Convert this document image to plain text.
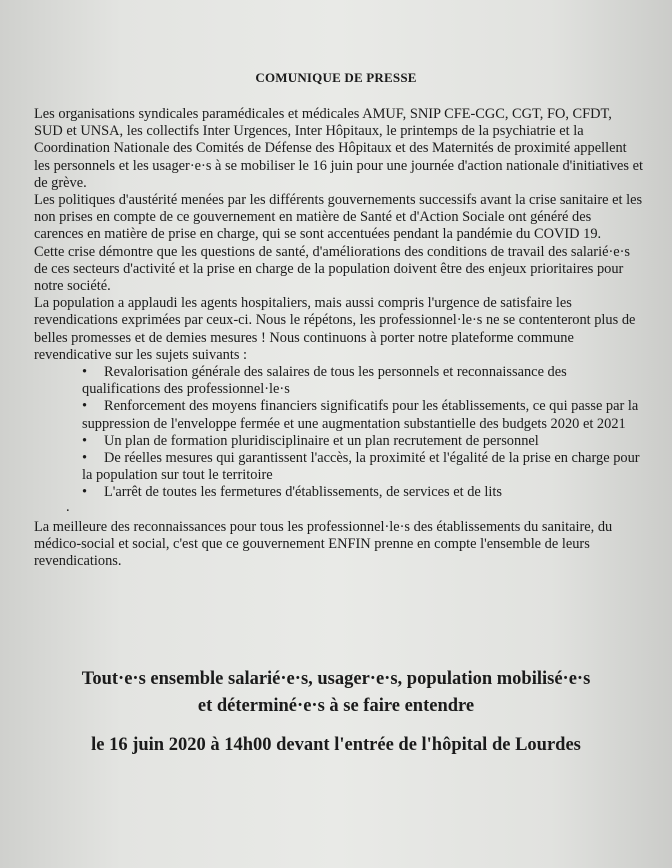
COMUNIQUE DE PRESSE

Les organisations syndicales paramédicales et médicales AMUF, SNIP CFE-CGC, CGT, FO, CFDT, SUD et UNSA, les collectifs Inter Urgences, Inter Hôpitaux, le printemps de la psychiatrie et la Coordination Nationale des Comités de Défense des Hôpitaux et des Maternités de proximité appellent les personnels et les usager·e·s à se mobiliser le 16 juin pour une journée d'action nationale d'initiatives et de grève.

Les politiques d'austérité menées par les différents gouvernements successifs avant la crise sanitaire et les non prises en compte de ce gouvernement en matière de Santé et d'Action Sociale ont généré des carences en matière de prise en charge, qui se sont accentuées pendant la pandémie du COVID 19.

Cette crise démontre que les questions de santé, d'améliorations des conditions de travail des salarié·e·s de ces secteurs d'activité et la prise en charge de la population doivent être des enjeux prioritaires pour notre société.

La population a applaudi les agents hospitaliers, mais aussi compris l'urgence de satisfaire les revendications exprimées par ceux-ci. Nous le répétons, les professionnel·le·s ne se contenteront plus de belles promesses et de demies mesures ! Nous continuons à porter notre plateforme commune revendicative sur les sujets suivants :

• Revalorisation générale des salaires de tous les personnels et reconnaissance des qualifications des professionnel·le·s
• Renforcement des moyens financiers significatifs pour les établissements, ce qui passe par la suppression de l'enveloppe fermée et une augmentation substantielle des budgets 2020 et 2021
• Un plan de formation pluridisciplinaire et un plan recrutement de personnel
• De réelles mesures qui garantissent l'accès, la proximité et l'égalité de la prise en charge pour la population sur tout le territoire
• L'arrêt de toutes les fermetures d'établissements, de services et de lits
.

La meilleure des reconnaissances pour tous les professionnel·le·s des établissements du sanitaire, du médico-social et social, c'est que ce gouvernement ENFIN prenne en compte l'ensemble de leurs revendications.

Tout·e·s ensemble salarié·e·s, usager·e·s, population mobilisé·e·s
et déterminé·e·s à se faire entendre
le 16 juin 2020 à 14h00 devant l'entrée de l'hôpital de Lourdes
